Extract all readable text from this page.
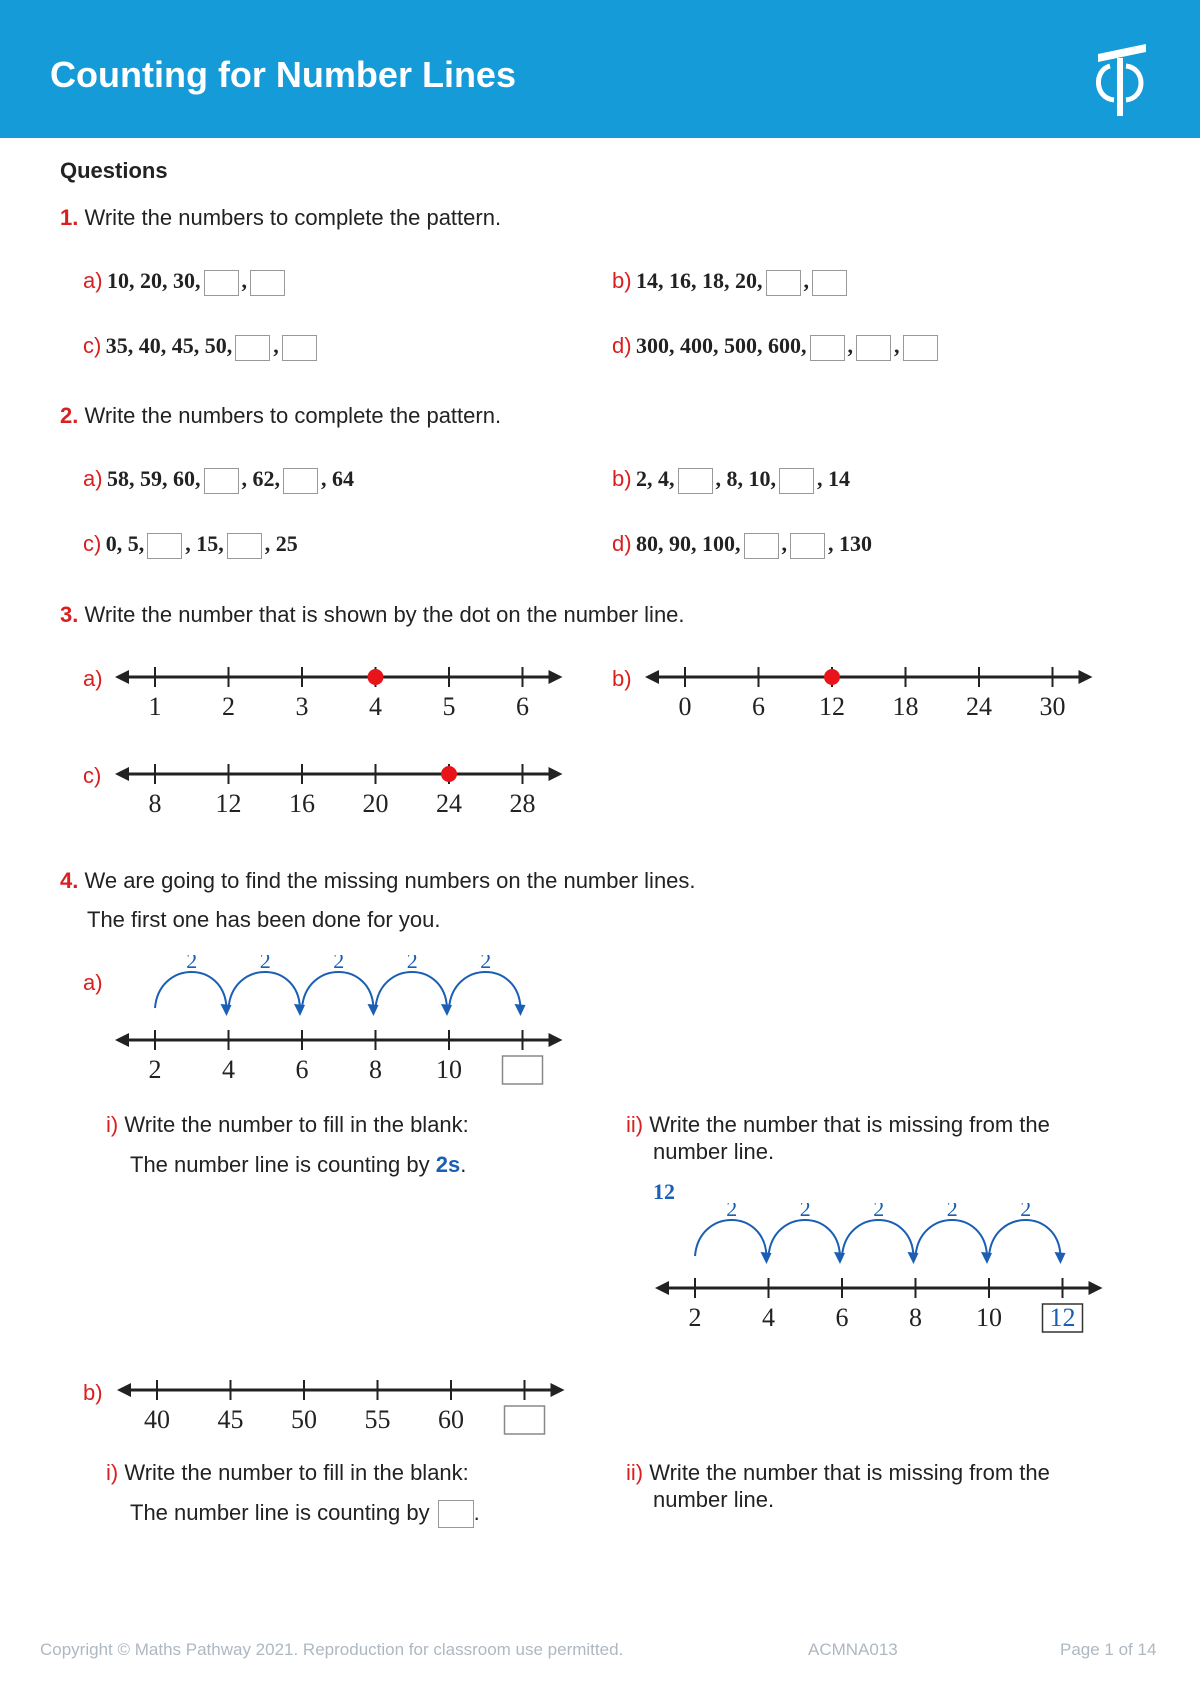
Counting for Number Lines
Questions
1. Write the numbers to complete the pattern.
a) 10, 20, 30, ,	b) 14, 16, 18, 20, ,
c) 35, 40, 45, 50, ,	d) 300, 400, 500, 600, , ,
2. Write the numbers to complete the pattern.
a) 58, 59, 60, , 62, , 64	b) 2, 4, , 8, 10, , 14
c) 0, 5, , 15, , 25	d) 80, 90, 100, , , 130
3. Write the number that is shown by the dot on the number line.
a)
1 2 3 4 5 6
b)
0 6 12 18 24 30
c)
8 12 16 20 24 28
4. We are going to find the missing numbers on the number lines.
The first one has been done for you.
a)
2 4 6 8 10
2	2	2	2	2
i) Write the number to fill in the blank:
The number line is counting by 2s.
ii) Write the number that is missing from the
number line.
12
2 4 6 8 10 12
2	2	2	2	2
b)
40 45 50 55 60
i) Write the number to fill in the blank:
The number line is counting by .
ii) Write the number that is missing from the
number line.
Copyright © Maths Pathway 2021. Reproduction for classroom use permitted.	ACMNA013	Page 1 of 14
